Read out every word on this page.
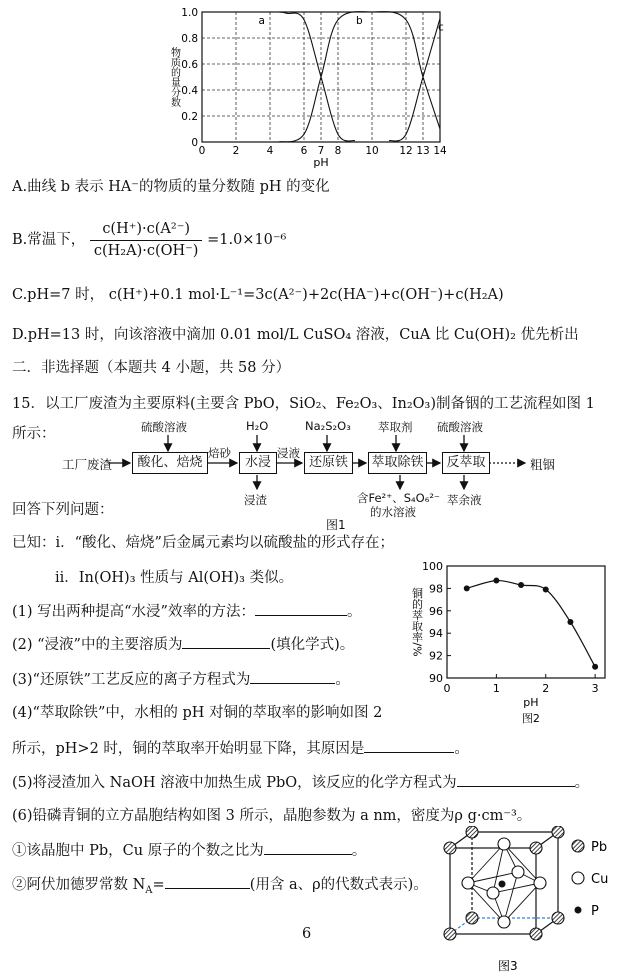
0	2	4	6 7 8 10 12 13 14
0
0.2
0.4
0.6
0.8
1.0
pH
物质的量分数
a	b
c
A.曲线 b 表示 HA⁻的物质的量分数随 pH 的变化
B.常温下， $\frac{\text{c(H⁺)·c(A²⁻)}}{\text{c(H₂A)·c(OH⁻)}} =1.0\times 10^{-6}$
C.pH=7 时， c(H⁺)+0.1 mol·L⁻¹=3c(A²⁻)+2c(HA⁻)+c(OH⁻)+c(H₂A)
D.pH=13 时，向该溶液中滴加 0.01 mol/L CuSO₄ 溶液，CuA 比 Cu(OH)₂ 优先析出
二．非选择题（本题共 4 小题，共 58 分）
15．以工厂废渣为主要原料(主要含 PbO，SiO₂、Fe₂O₃、In₂O₃)制备铟的工艺流程如图 1
所示：
工厂废渣	酸化、焙烧	水浸	还原铁	萃取除铁	反萃取
硫酸溶液	H₂O	Na₂S₂O₃ 萃取剂 硫酸溶液
焙砂	浸液
浸渣	含Fe²⁺、S₄O₆²⁻
的水溶液
萃余液
粗铟
图1
回答下列问题：
已知：i．“酸化、焙烧”后金属元素均以硫酸盐的形式存在；
90
92
94
96
98
100
0	1	2	3
pH
图2
铜的萃取率/%
ii．In(OH)₃ 性质与 Al(OH)₃ 类似。
(1) 写出两种提高“水浸”效率的方法：	。
(2) “浸液”中的主要溶质为	(填化学式)。
(3)“还原铁”工艺反应的离子方程式为	。
(4)“萃取除铁”中，水相的 pH 对铜的萃取率的影响如图 2
所示，pH>2 时，铜的萃取率开始明显下降，其原因是	。
(5)将浸渣加入 NaOH 溶液中加热生成 PbO，该反应的化学方程式为	。
(6)铅磷青铜的立方晶胞结构如图 3 所示，晶胞参数为 a nm，密度为ρ g·cm⁻³。
①该晶胞中 Pb，Cu 原子的个数之比为	。
②阿伏加德罗常数 $N_A=$	(用含 a、ρ的代数式表示)。
Pb
Cu
P
图3
6
